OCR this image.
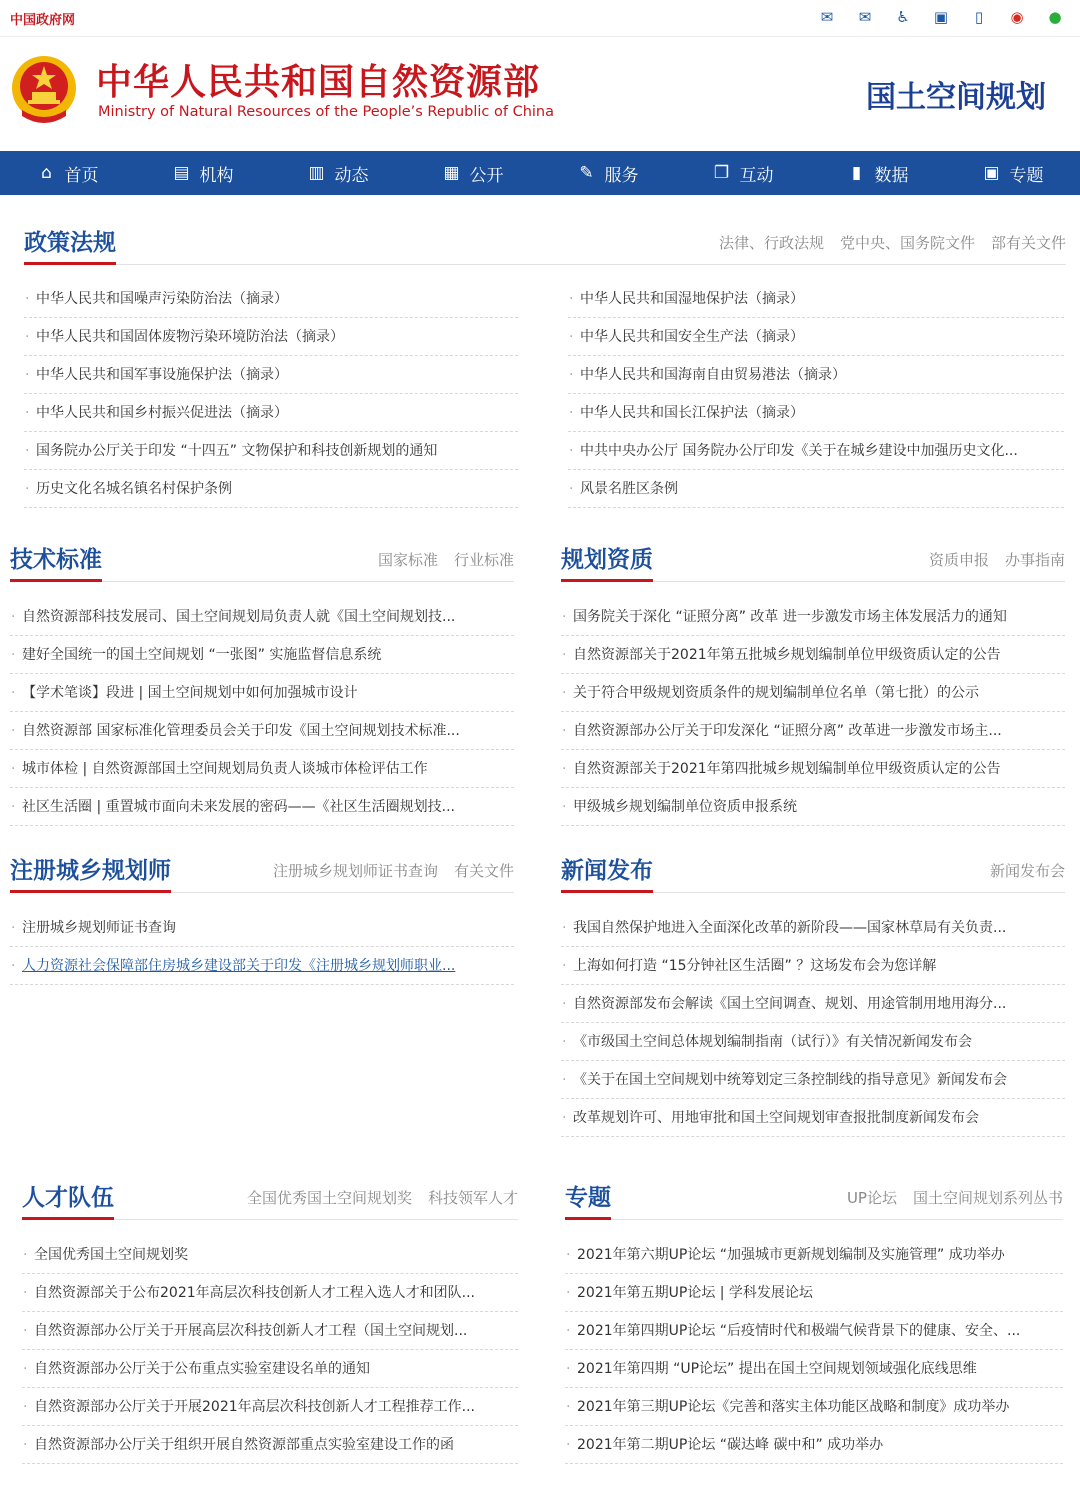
中国政府网	✉	✉	♿ ▣	▯	◉ ●
中华人民共和国自然资源部
Ministry of Natural Resources of the People’s Republic of China	国土空间规划
⌂ 首页	▤ 机构	▥ 动态	▦ 公开	✎ 服务	❐ 互动	▮ 数据	▣ 专题
政策法规	法律、行政法规 党中央、国务院文件 部有关文件
· 中华人民共和国噪声污染防治法（摘录）
· 中华人民共和国固体废物污染环境防治法（摘录）
· 中华人民共和国军事设施保护法（摘录）
· 中华人民共和国乡村振兴促进法（摘录）
· 国务院办公厅关于印发 “十四五” 文物保护和科技创新规划的通知
· 历史文化名城名镇名村保护条例
· 中华人民共和国湿地保护法（摘录）
· 中华人民共和国安全生产法（摘录）
· 中华人民共和国海南自由贸易港法（摘录）
· 中华人民共和国长江保护法（摘录）
· 中共中央办公厅 国务院办公厅印发《关于在城乡建设中加强历史文化...
· 风景名胜区条例
技术标准	国家标准 行业标准
· 自然资源部科技发展司、国土空间规划局负责人就《国土空间规划技...
· 建好全国统一的国土空间规划 “一张图” 实施监督信息系统
· 【学术笔谈】段进 | 国土空间规划中如何加强城市设计
· 自然资源部 国家标准化管理委员会关于印发《国土空间规划技术标准...
· 城市体检 | 自然资源部国土空间规划局负责人谈城市体检评估工作
· 社区生活圈 | 重置城市面向未来发展的密码——《社区生活圈规划技...
规划资质	资质申报 办事指南
· 国务院关于深化 “证照分离” 改革 进一步激发市场主体发展活力的通知
· 自然资源部关于2021年第五批城乡规划编制单位甲级资质认定的公告
· 关于符合甲级规划资质条件的规划编制单位名单（第七批）的公示
· 自然资源部办公厅关于印发深化 “证照分离” 改革进一步激发市场主...
· 自然资源部关于2021年第四批城乡规划编制单位甲级资质认定的公告
· 甲级城乡规划编制单位资质申报系统
注册城乡规划师	注册城乡规划师证书查询 有关文件
· 注册城乡规划师证书查询
· 人力资源社会保障部住房城乡建设部关于印发《注册城乡规划师职业...
新闻发布	新闻发布会
· 我国自然保护地进入全面深化改革的新阶段——国家林草局有关负责...
· 上海如何打造 “15分钟社区生活圈” ？这场发布会为您详解
· 自然资源部发布会解读《国土空间调查、规划、用途管制用地用海分...
· 《市级国土空间总体规划编制指南（试行）》有关情况新闻发布会
· 《关于在国土空间规划中统筹划定三条控制线的指导意见》新闻发布会
· 改革规划许可、用地审批和国土空间规划审查报批制度新闻发布会
人才队伍	全国优秀国土空间规划奖 科技领军人才
· 全国优秀国土空间规划奖
· 自然资源部关于公布2021年高层次科技创新人才工程入选人才和团队...
· 自然资源部办公厅关于开展高层次科技创新人才工程（国土空间规划...
· 自然资源部办公厅关于公布重点实验室建设名单的通知
· 自然资源部办公厅关于开展2021年高层次科技创新人才工程推荐工作...
· 自然资源部办公厅关于组织开展自然资源部重点实验室建设工作的函
专题	UP论坛 国土空间规划系列丛书
· 2021年第六期UP论坛 “加强城市更新规划编制及实施管理” 成功举办
· 2021年第五期UP论坛 | 学科发展论坛
· 2021年第四期UP论坛 “后疫情时代和极端气候背景下的健康、安全、...
· 2021年第四期 “UP论坛” 提出在国土空间规划领域强化底线思维
· 2021年第三期UP论坛《完善和落实主体功能区战略和制度》成功举办
· 2021年第二期UP论坛 “碳达峰 碳中和” 成功举办
